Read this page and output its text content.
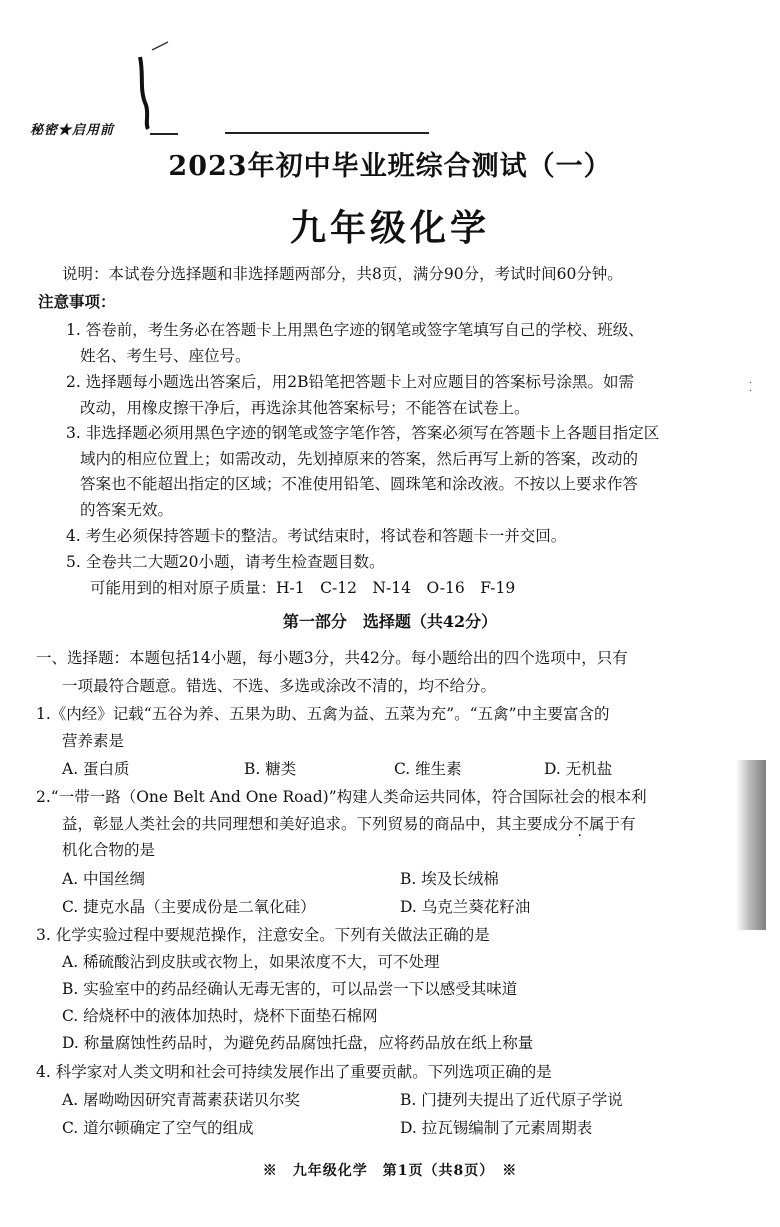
·
·
秘密★启用前
2023年初中毕业班综合测试（一）
九年级化学
说明：本试卷分选择题和非选择题两部分，共8页，满分90分，考试时间60分钟。
注意事项：
1. 答卷前，考生务必在答题卡上用黑色字迹的钢笔或签字笔填写自己的学校、班级、
姓名、考生号、座位号。
2. 选择题每小题选出答案后，用2B铅笔把答题卡上对应题目的答案标号涂黑。如需
改动，用橡皮擦干净后，再选涂其他答案标号；不能答在试卷上。
3. 非选择题必须用黑色字迹的钢笔或签字笔作答，答案必须写在答题卡上各题目指定区
域内的相应位置上；如需改动，先划掉原来的答案，然后再写上新的答案，改动的
答案也不能超出指定的区域；不准使用铅笔、圆珠笔和涂改液。不按以上要求作答
的答案无效。
4. 考生必须保持答题卡的整洁。考试结束时，将试卷和答题卡一并交回。
5. 全卷共二大题20小题，请考生检查题目数。
可能用到的相对原子质量：H-1　C-12　N-14　O-16　F-19
第一部分　选择题（共42分）
一、选择题：本题包括14小题，每小题3分，共42分。每小题给出的四个选项中，只有
一项最符合题意。错选、不选、多选或涂改不清的，均不给分。
1.《内经》记载“五谷为养、五果为助、五禽为益、五菜为充”。“五禽”中主要富含的
营养素是
A. 蛋白质	B. 糖类	C. 维生素	D. 无机盐
2.“一带一路（One Belt And One Road)”构建人类命运共同体，符合国际社会的根本利
益，彰显人类社会的共同理想和美好追求。下列贸易的商品中，其主要成分不属于有
机化合物的是
A. 中国丝绸	B. 埃及长绒棉
C. 捷克水晶（主要成份是二氧化硅）	D. 乌克兰葵花籽油
3. 化学实验过程中要规范操作，注意安全。下列有关做法正确的是
A. 稀硫酸沾到皮肤或衣物上，如果浓度不大，可不处理
B. 实验室中的药品经确认无毒无害的，可以品尝一下以感受其味道
C. 给烧杯中的液体加热时，烧杯下面垫石棉网
D. 称量腐蚀性药品时，为避免药品腐蚀托盘，应将药品放在纸上称量
4. 科学家对人类文明和社会可持续发展作出了重要贡献。下列选项正确的是
A. 屠呦呦因研究青蒿素获诺贝尔奖	B. 门捷列夫提出了近代原子学说
C. 道尔顿确定了空气的组成	D. 拉瓦锡编制了元素周期表
※　九年级化学　第1页（共8页）　※
